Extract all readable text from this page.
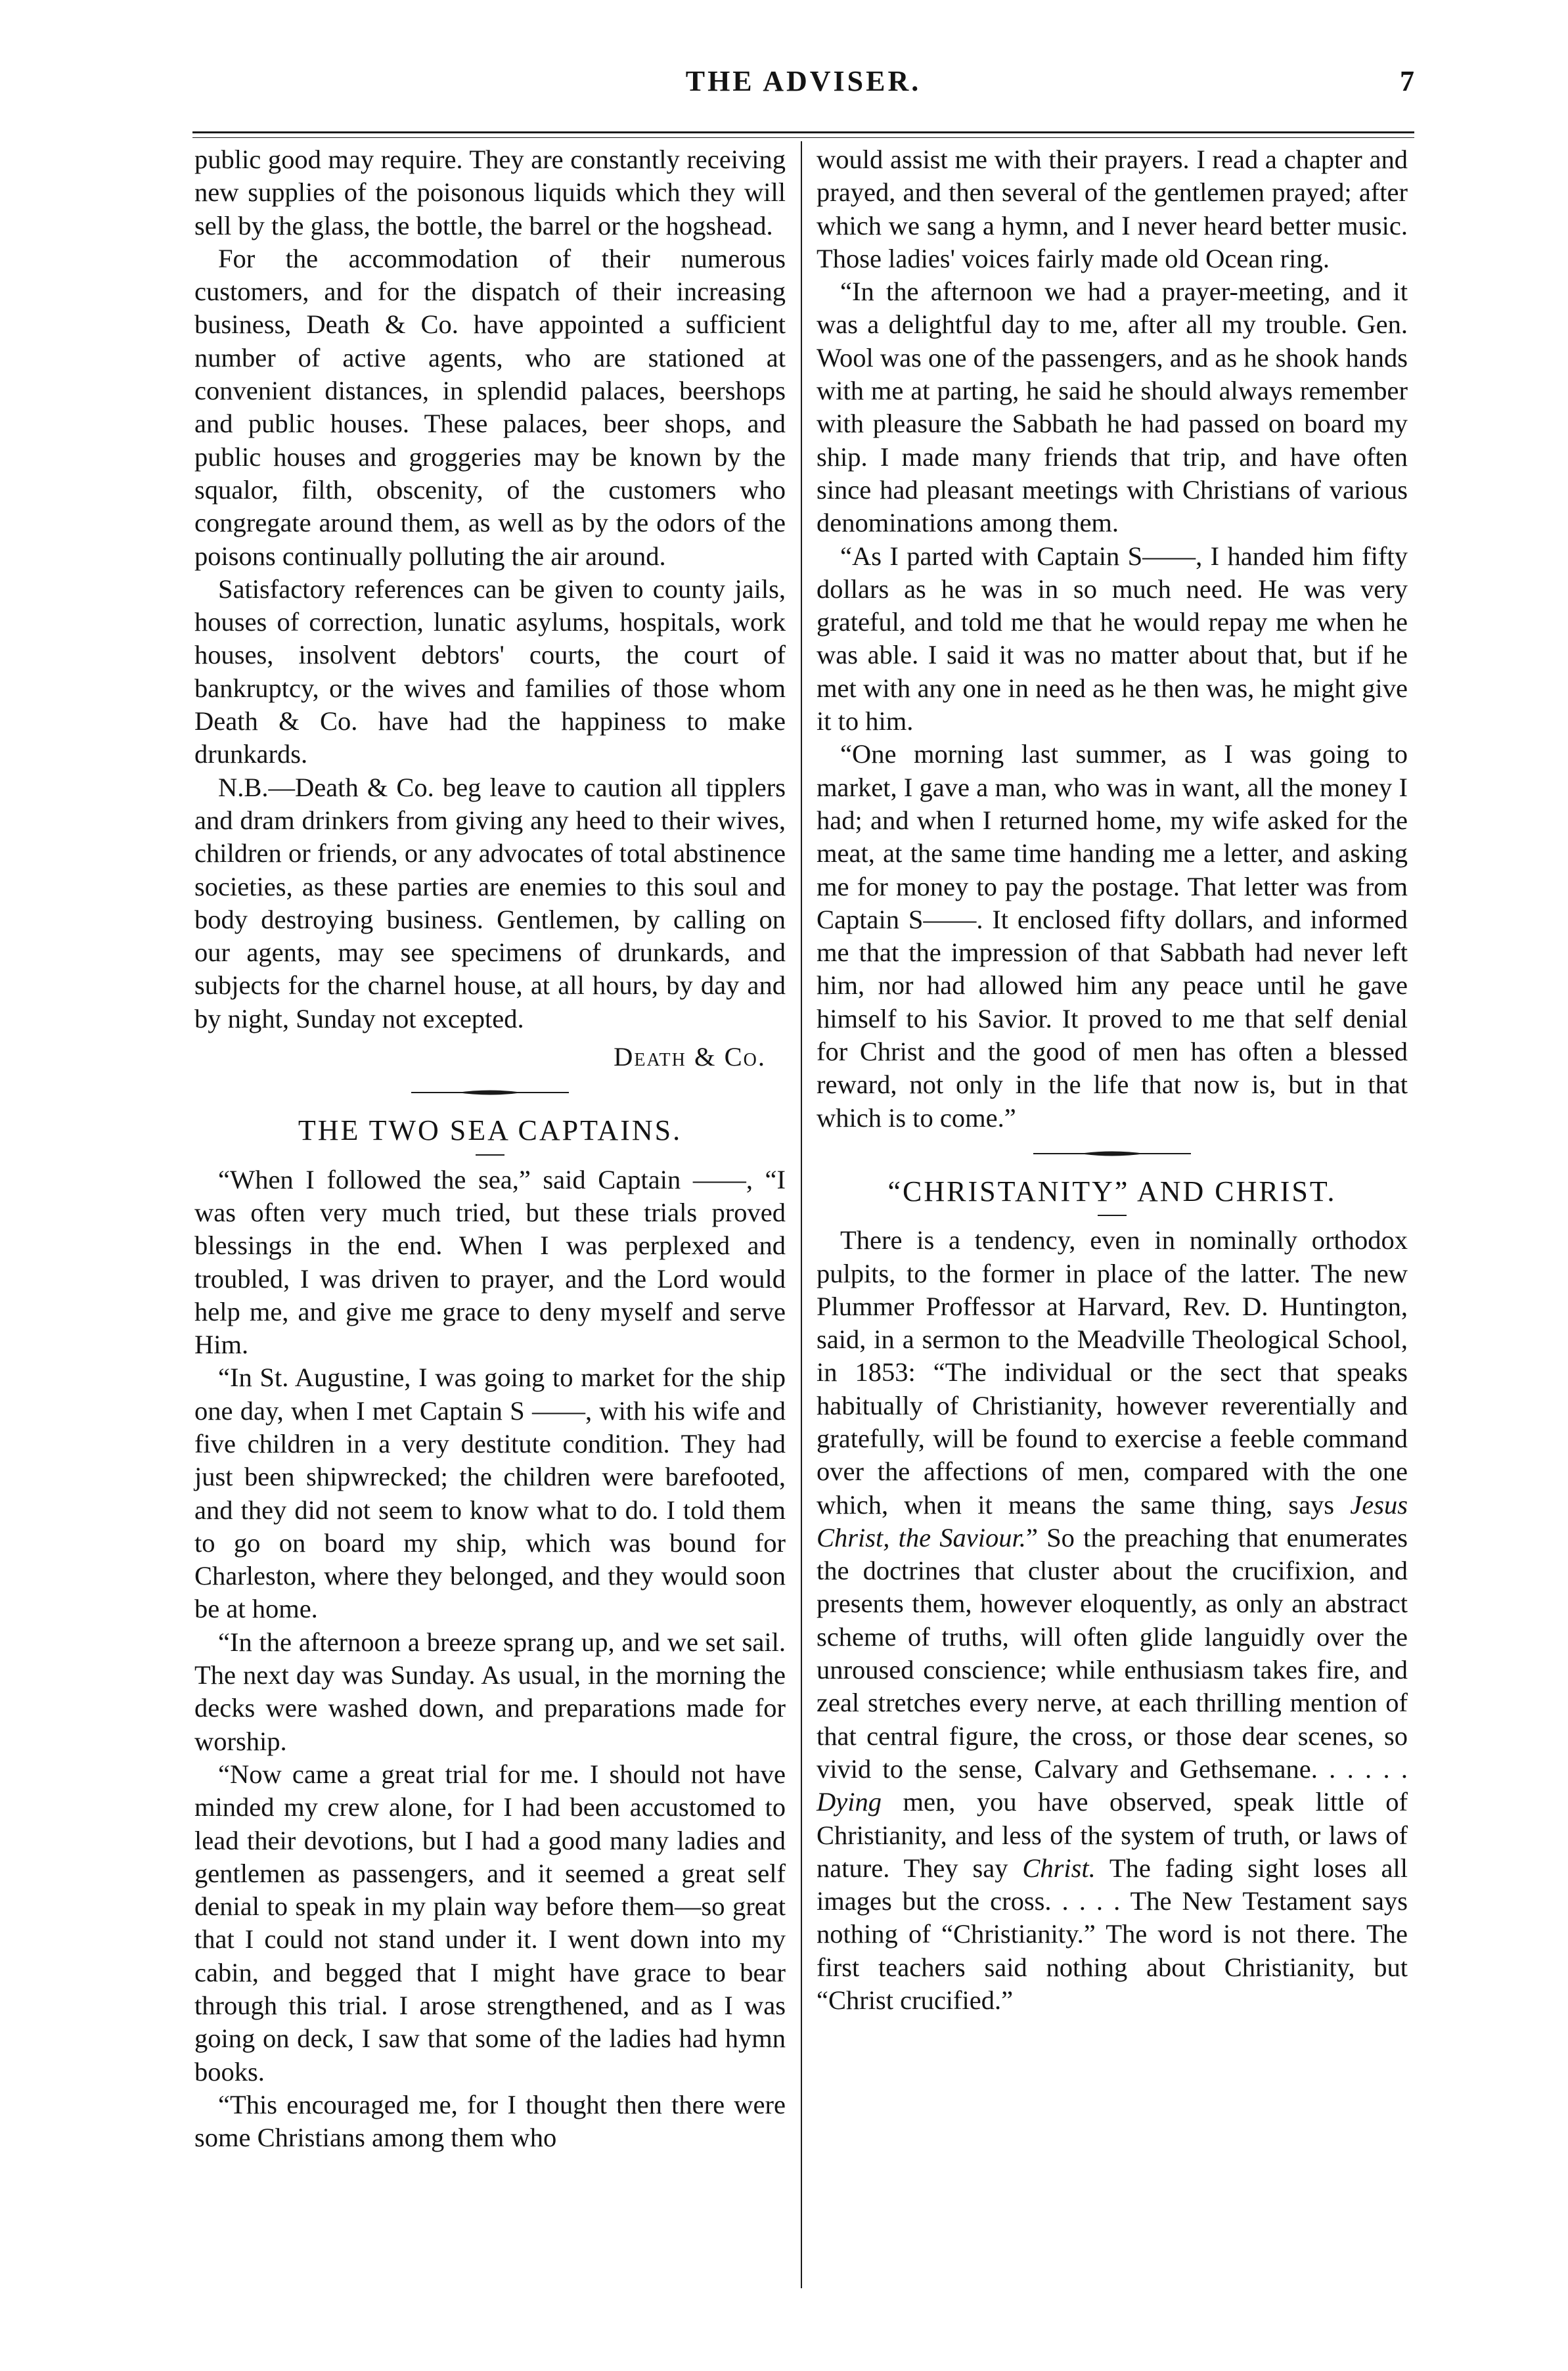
THE ADVISER.	7

public good may require. They are constantly receiving new supplies of the poisonous liquids which they will sell by the glass, the bottle, the barrel or the hogshead.

For the accommodation of their numerous customers, and for the dispatch of their increasing business, Death & Co. have appointed a sufficient number of active agents, who are stationed at convenient distances, in splendid palaces, beershops and public houses. These palaces, beer shops, and public houses and groggeries may be known by the squalor, filth, obscenity, of the customers who congregate around them, as well as by the odors of the poisons continually polluting the air around.

Satisfactory references can be given to county jails, houses of correction, lunatic asylums, hospitals, work houses, insolvent debtors' courts, the court of bankruptcy, or the wives and families of those whom Death & Co. have had the happiness to make drunkards.

N.B.—Death & Co. beg leave to caution all tipplers and dram drinkers from giving any heed to their wives, children or friends, or any advocates of total abstinence societies, as these parties are enemies to this soul and body destroying business. Gentlemen, by calling on our agents, may see specimens of drunkards, and subjects for the charnel house, at all hours, by day and by night, Sunday not excepted.

Death & Co.
THE TWO SEA CAPTAINS.

“When I followed the sea,” said Captain ——, “I was often very much tried, but these trials proved blessings in the end. When I was perplexed and troubled, I was driven to prayer, and the Lord would help me, and give me grace to deny myself and serve Him.

“In St. Augustine, I was going to market for the ship one day, when I met Captain S ——, with his wife and five children in a very destitute condition. They had just been shipwrecked; the children were barefooted, and they did not seem to know what to do. I told them to go on board my ship, which was bound for Charleston, where they belonged, and they would soon be at home.

“In the afternoon a breeze sprang up, and we set sail. The next day was Sunday. As usual, in the morning the decks were washed down, and preparations made for worship.

“Now came a great trial for me. I should not have minded my crew alone, for I had been accustomed to lead their devotions, but I had a good many ladies and gentlemen as passengers, and it seemed a great self denial to speak in my plain way before them—so great that I could not stand under it. I went down into my cabin, and begged that I might have grace to bear through this trial. I arose strengthened, and as I was going on deck, I saw that some of the ladies had hymn books.

“This encouraged me, for I thought then there were some Christians among them who

would assist me with their prayers. I read a chapter and prayed, and then several of the gentlemen prayed; after which we sang a hymn, and I never heard better music. Those ladies' voices fairly made old Ocean ring.

“In the afternoon we had a prayer-meeting, and it was a delightful day to me, after all my trouble. Gen. Wool was one of the passengers, and as he shook hands with me at parting, he said he should always remember with pleasure the Sabbath he had passed on board my ship. I made many friends that trip, and have often since had pleasant meetings with Christians of various denominations among them.

“As I parted with Captain S——, I handed him fifty dollars as he was in so much need. He was very grateful, and told me that he would repay me when he was able. I said it was no matter about that, but if he met with any one in need as he then was, he might give it to him.

“One morning last summer, as I was going to market, I gave a man, who was in want, all the money I had; and when I returned home, my wife asked for the meat, at the same time handing me a letter, and asking me for money to pay the postage. That letter was from Captain S——. It enclosed fifty dollars, and informed me that the impression of that Sabbath had never left him, nor had allowed him any peace until he gave himself to his Savior. It proved to me that self denial for Christ and the good of men has often a blessed reward, not only in the life that now is, but in that which is to come.”

“CHRISTANITY” AND CHRIST.

There is a tendency, even in nominally orthodox pulpits, to the former in place of the latter. The new Plummer Proffessor at Harvard, Rev. D. Huntington, said, in a sermon to the Meadville Theological School, in 1853: “The individual or the sect that speaks habitually of Christianity, however reverentially and gratefully, will be found to exercise a feeble command over the affections of men, compared with the one which, when it means the same thing, says Jesus Christ, the Saviour.” So the preaching that enumerates the doctrines that cluster about the crucifixion, and presents them, however eloquently, as only an abstract scheme of truths, will often glide languidly over the unroused conscience; while enthusiasm takes fire, and zeal stretches every nerve, at each thrilling mention of that central figure, the cross, or those dear scenes, so vivid to the sense, Calvary and Gethsemane. . . . . . Dying men, you have observed, speak little of Christianity, and less of the system of truth, or laws of nature. They say Christ. The fading sight loses all images but the cross. . . . . The New Testament says nothing of “Christianity.” The word is not there. The first teachers said nothing about Christianity, but “Christ crucified.”
